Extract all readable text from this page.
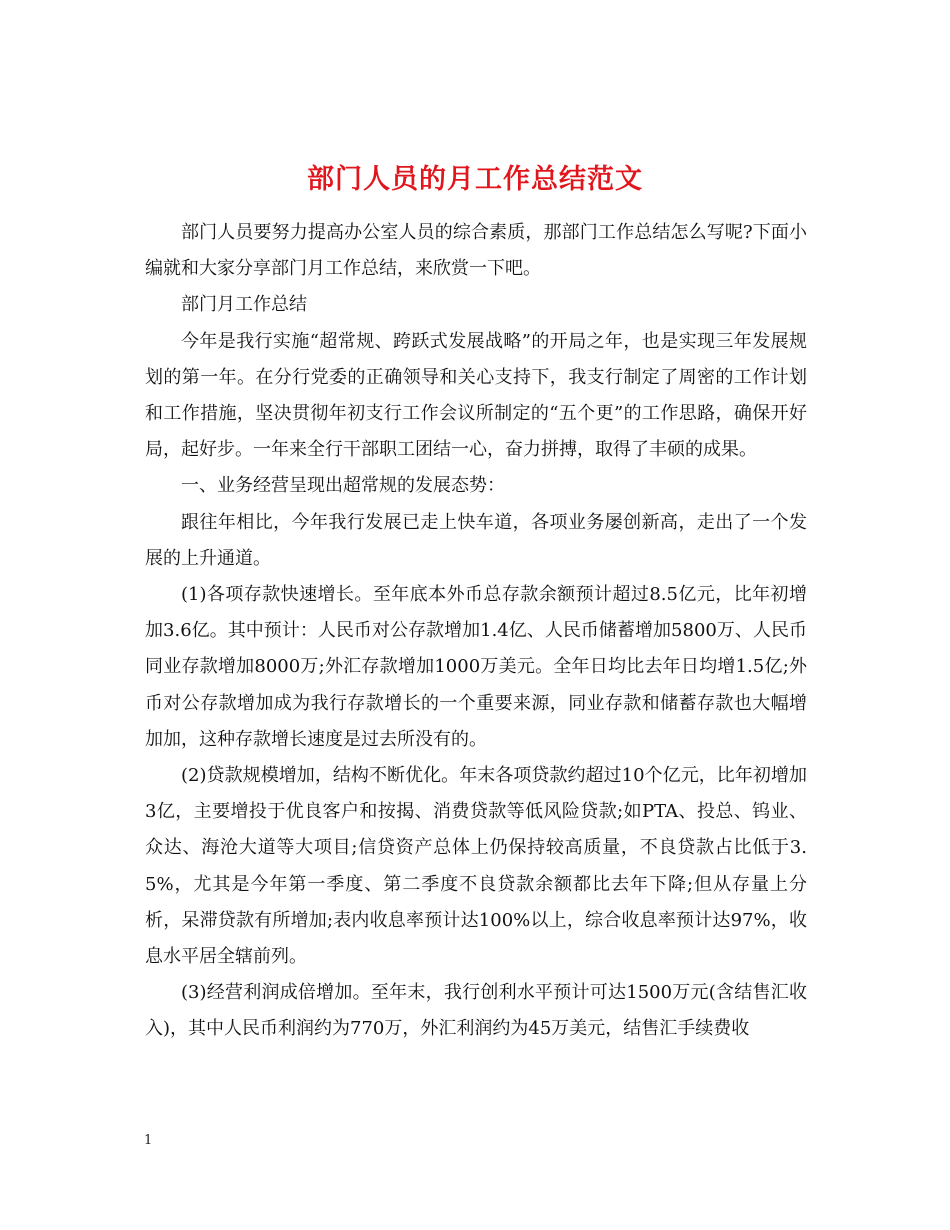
部门人员的月工作总结范文

部门人员要努力提高办公室人员的综合素质，那部门工作总结怎么写呢?下面小编就和大家分享部门月工作总结，来欣赏一下吧。

部门月工作总结

今年是我行实施“超常规、跨跃式发展战略”的开局之年，也是实现三年发展规划的第一年。在分行党委的正确领导和关心支持下，我支行制定了周密的工作计划和工作措施，坚决贯彻年初支行工作会议所制定的“五个更”的工作思路，确保开好局，起好步。一年来全行干部职工团结一心，奋力拼搏，取得了丰硕的成果。

一、业务经营呈现出超常规的发展态势：

跟往年相比，今年我行发展已走上快车道，各项业务屡创新高，走出了一个发展的上升通道。

(1)各项存款快速增长。至年底本外币总存款余额预计超过8.5亿元，比年初增加3.6亿。其中预计：人民币对公存款增加1.4亿、人民币储蓄增加5800万、人民币同业存款增加8000万;外汇存款增加1000万美元。全年日均比去年日均增1.5亿;外币对公存款增加成为我行存款增长的一个重要来源，同业存款和储蓄存款也大幅增加加，这种存款增长速度是过去所没有的。

(2)贷款规模增加，结构不断优化。年末各项贷款约超过10个亿元，比年初增加3亿，主要增投于优良客户和按揭、消费贷款等低风险贷款;如PTA、投总、钨业、众达、海沧大道等大项目;信贷资产总体上仍保持较高质量，不良贷款占比低于3.5%，尤其是今年第一季度、第二季度不良贷款余额都比去年下降;但从存量上分析，呆滞贷款有所增加;表内收息率预计达100%以上，综合收息率预计达97%，收息水平居全辖前列。

(3)经营利润成倍增加。至年末，我行创利水平预计可达1500万元(含结售汇收入)，其中人民币利润约为770万，外汇利润约为45万美元，结售汇手续费收

1
